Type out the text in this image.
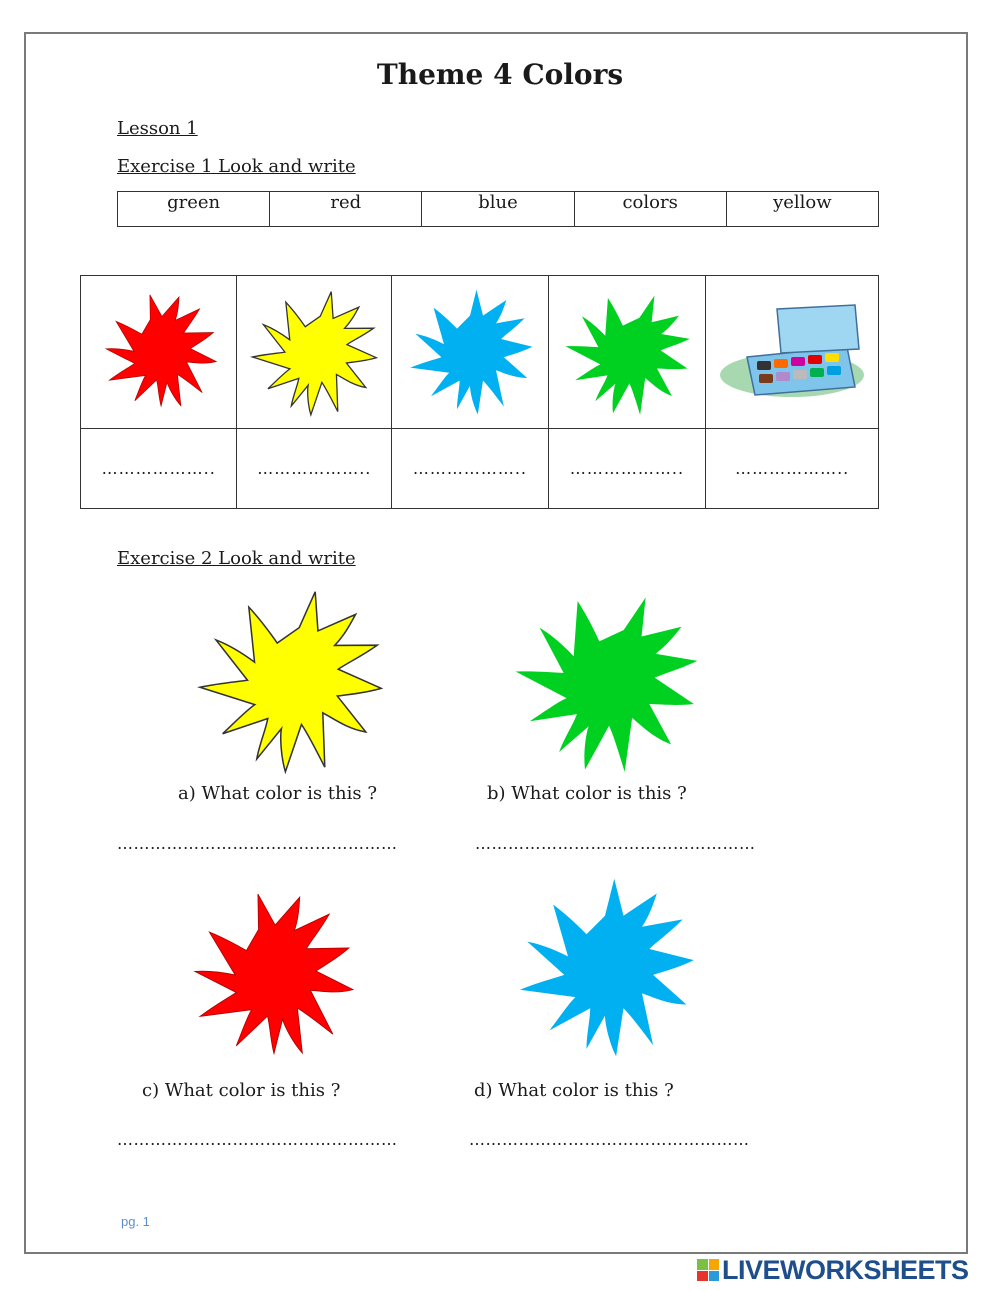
Theme 4 Colors
Lesson 1
Exercise 1 Look and write
green	red	blue	colors	yellow

………………..	………………..	………………..	………………..	………………..
Exercise 2 Look and write
a) What color is this ?	b) What color is this ?
……………………………………………	……………………………………………
c) What color is this ?	d) What color is this ?
……………………………………………	……………………………………………
pg. 1
LIVEWORKSHEETS
